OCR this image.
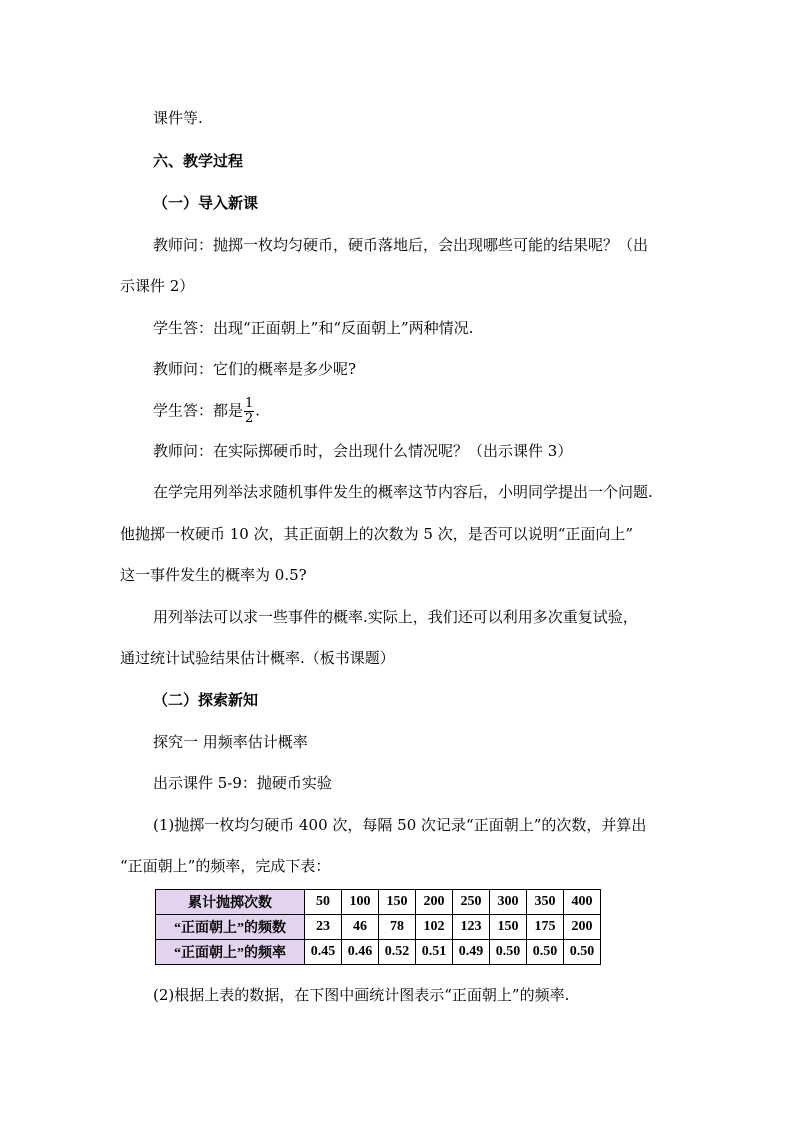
课件等.
六、教学过程
（一）导入新课
教师问：抛掷一枚均匀硬币，硬币落地后，会出现哪些可能的结果呢？（出
示课件 2）
学生答：出现“正面朝上”和“反面朝上”两种情况.
教师问：它们的概率是多少呢?
学生答：都是 $\frac{1}{2}$ .
教师问：在实际掷硬币时，会出现什么情况呢？（出示课件 3）
在学完用列举法求随机事件发生的概率这节内容后，小明同学提出一个问题.
他抛掷一枚硬币 10 次，其正面朝上的次数为 5 次，是否可以说明“正面向上”
这一事件发生的概率为 0.5?
用列举法可以求一些事件的概率.实际上，我们还可以利用多次重复试验，
通过统计试验结果估计概率.（板书课题）
（二）探索新知
探究一 用频率估计概率
出示课件 5-9：抛硬币实验
(1)抛掷一枚均匀硬币 400 次，每隔 50 次记录“正面朝上”的次数，并算出
“正面朝上”的频率，完成下表：
累计抛掷次数	50	100	150	200	250	300	350	400
“正面朝上”的频数	23	46	78	102	123	150	175	200
“正面朝上”的频率	0.45	0.46	0.52	0.51	0.49	0.50	0.50	0.50
(2)根据上表的数据，在下图中画统计图表示“正面朝上”的频率.
